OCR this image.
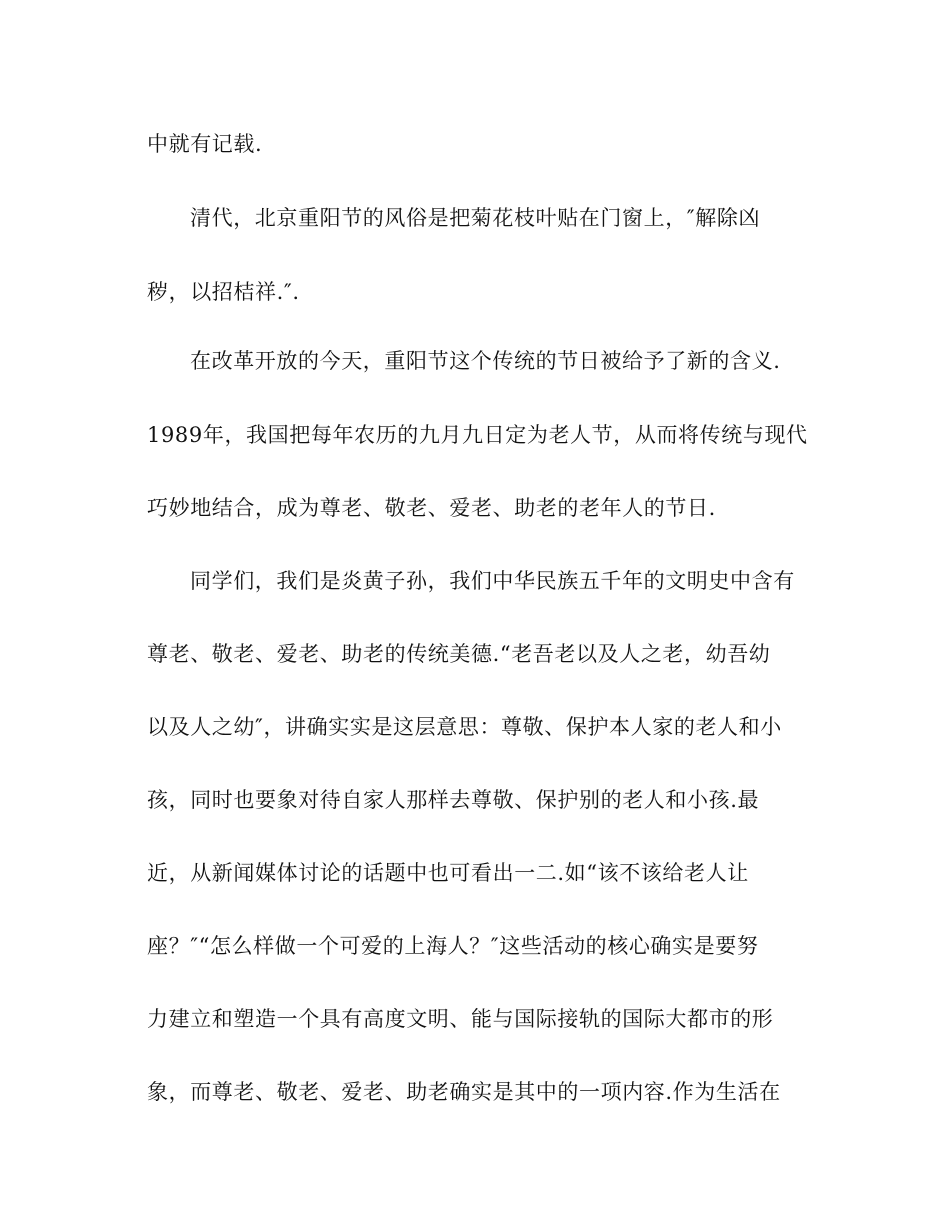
中就有记载.
清代，北京重阳节的风俗是把菊花枝叶贴在门窗上，″解除凶
秽，以招桔祥.″.
在改革开放的今天，重阳节这个传统的节日被给予了新的含义.
1989年，我国把每年农历的九月九日定为老人节，从而将传统与现代
巧妙地结合，成为尊老、敬老、爱老、助老的老年人的节日.
同学们，我们是炎黄子孙，我们中华民族五千年的文明史中含有
尊老、敬老、爱老、助老的传统美德.“老吾老以及人之老，幼吾幼
以及人之幼″，讲确实实是这层意思：尊敬、保护本人家的老人和小
孩，同时也要象对待自家人那样去尊敬、保护别的老人和小孩.最
近，从新闻媒体讨论的话题中也可看出一二.如“该不该给老人让
座？″“怎么样做一个可爱的上海人？″这些活动的核心确实是要努
力建立和塑造一个具有高度文明、能与国际接轨的国际大都市的形
象，而尊老、敬老、爱老、助老确实是其中的一项内容.作为生活在
